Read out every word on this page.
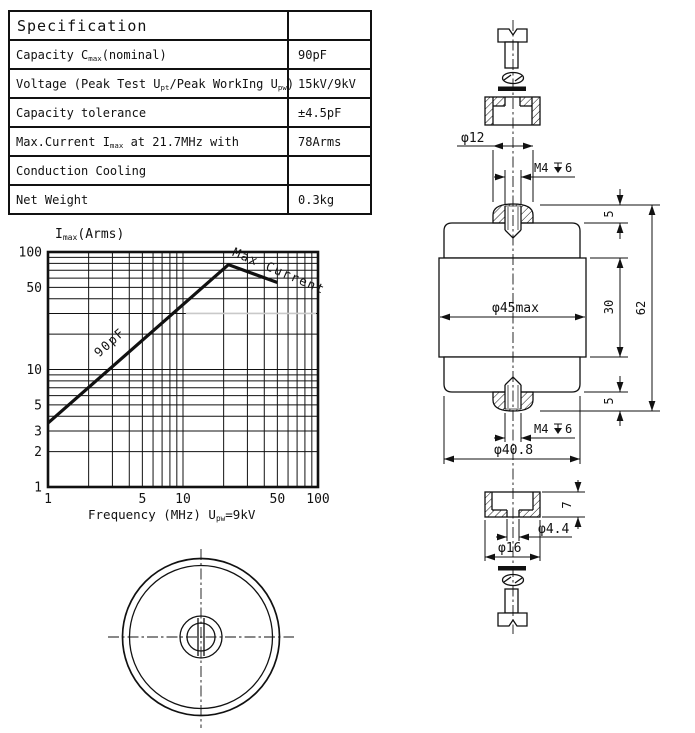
Specification	
Capacity Cmax(nominal)	90pF
Voltage (Peak Test Upt/Peak WorkIng Upw)	15kV/9kV
Capacity tolerance	±4.5pF
Max.Current Imax at 21.7MHz with	78Arms
Conduction Cooling	
Net Weight	0.3kg
Imax(Arms)
1
2
3
5
10
50
100
1	5 10	50 100
90pF
Max Current
Frequency (MHz) Upw=9kV
φ12
M4 6
φ45max
5
30
5
62
M4 6
φ40.8
7
φ4.4
φ16
